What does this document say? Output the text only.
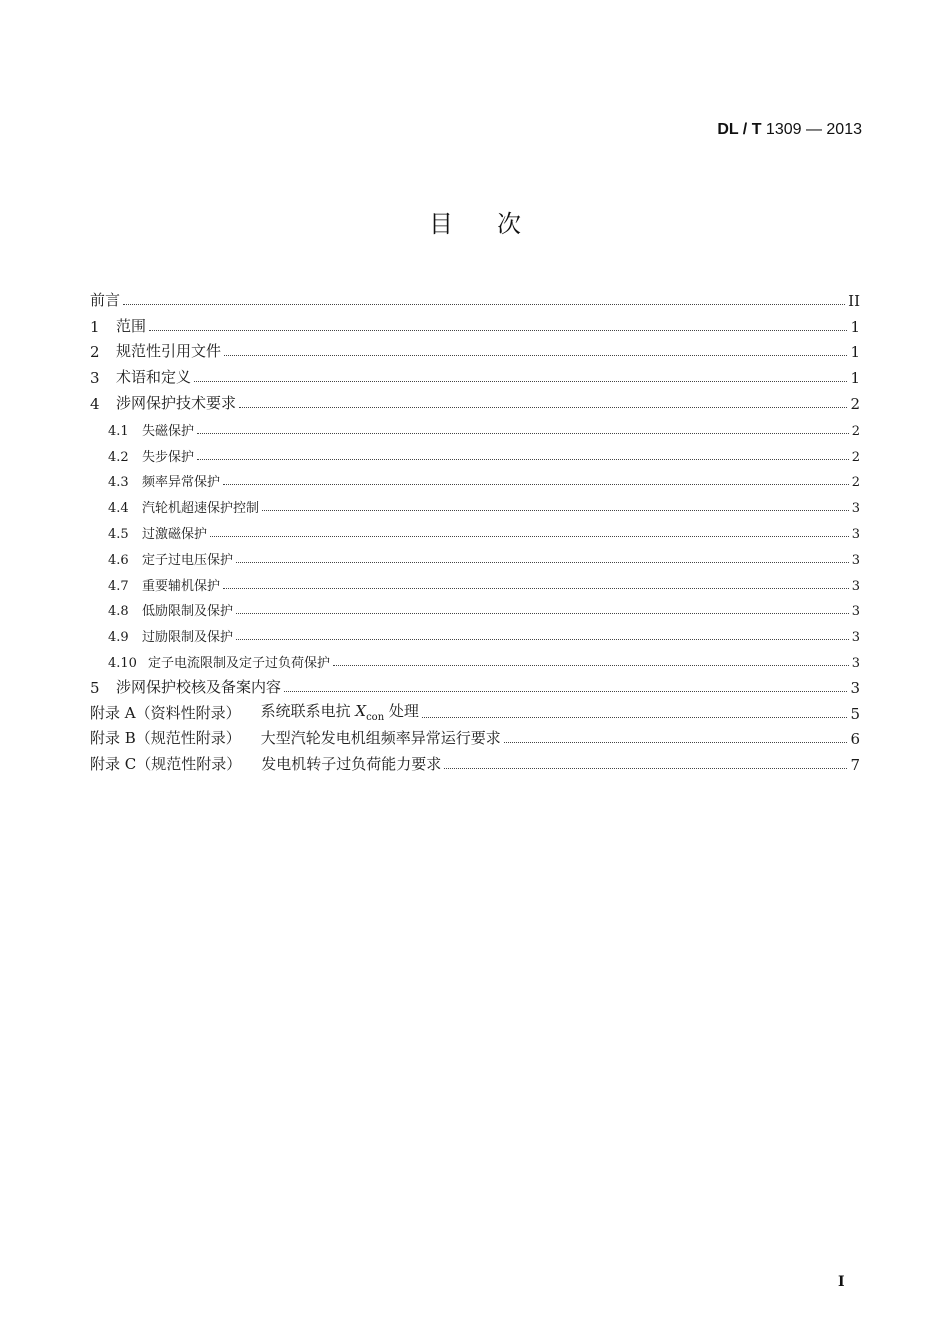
DL / T 1309 — 2013
目次
前言	II
1	范围	1
2	规范性引用文件	1
3	术语和定义	1
4	涉网保护技术要求	2
4.1	失磁保护	2
4.2	失步保护	2
4.3	频率异常保护	2
4.4	汽轮机超速保护控制	3
4.5	过激磁保护	3
4.6	定子过电压保护	3
4.7	重要辅机保护	3
4.8	低励限制及保护	3
4.9	过励限制及保护	3
4.10 定子电流限制及定子过负荷保护	3
5	涉网保护校核及备案内容	3
附录 A（资料性附录） 系统联系电抗 $X_{con}$ 处理	5
附录 B（规范性附录） 大型汽轮发电机组频率异常运行要求	6
附录 C（规范性附录） 发电机转子过负荷能力要求	7
I
